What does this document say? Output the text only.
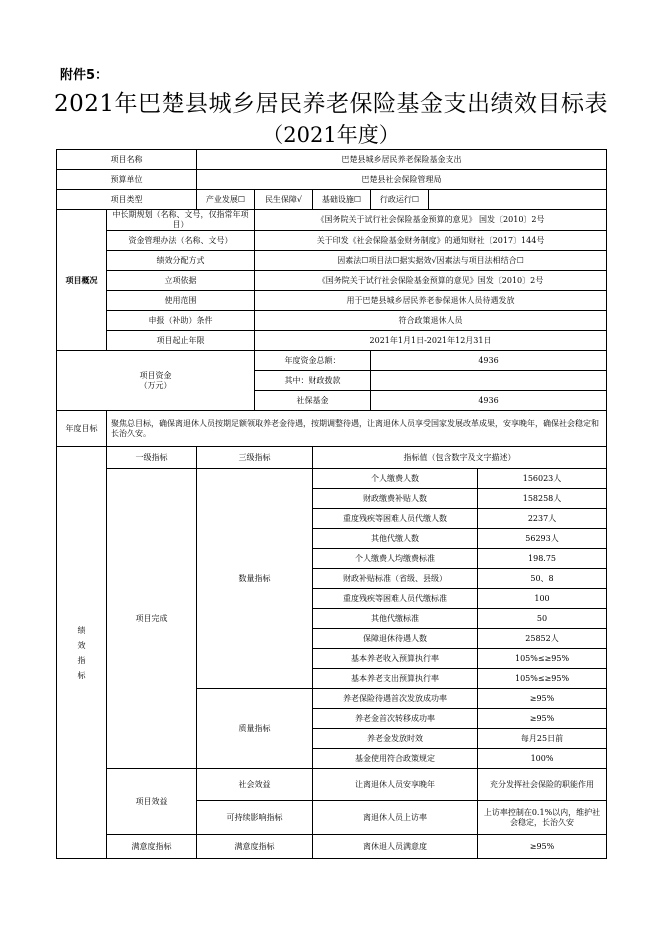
附件5：
2021年巴楚县城乡居民养老保险基金支出绩效目标表
（2021年度）
项目名称		巴楚县城乡居民养老保险基金支出					
预算单位		巴楚县社会保险管理局					
项目类型		产业发展☐	民生保障√	基础设施☐	行政运行☐		
项目概况	中长期规划（名称、文号，仅指常年项目）		《国务院关于试行社会保险基金预算的意见》 国发〔2010〕2号				
	资金管理办法（名称、文号）		关于印发《社会保险基金财务制度》的通知财社〔2017〕144号				
	绩效分配方式		因素法☐项目法☐据实据效√因素法与项目法相结合☐				
	立项依据		《国务院关于试行社会保险基金预算的意见》国发〔2010〕2号				
	使用范围		用于巴楚县城乡居民养老参保退休人员待遇发放				
	申报（补助）条件		符合政策退休人员				
	项目起止年限		2021年1月1日-2021年12月31日				
项目资金
（万元）			年度资金总额：		4936		
			其中：财政拨款				
			社保基金		4936		
年度目标	聚焦总目标，确保离退休人员按期足额领取养老金待遇，按期调整待遇，让离退休人员享受国家发展改革成果，安享晚年，确保社会稳定和长治久安。						
绩
效
指
标	一级指标	三级指标		指标值（包含数字及文字描述）			
	项目完成	数量指标		个人缴费人数			156023人
				财政缴费补贴人数			158258人
				重度残疾等困难人员代缴人数			2237人
				其他代缴人数			56293人
				个人缴费人均缴费标准			198.75
				财政补贴标准（省级、县级）			50、8
				重度残疾等困难人员代缴标准			100
				其他代缴标准			50
				保障退休待遇人数			25852人
				基本养老收入预算执行率			105%≤≥95%
				基本养老支出预算执行率			105%≤≥95%
		质量指标		养老保险待遇首次发放成功率			≥95%
				养老金首次转移成功率			≥95%
				养老金发放时效			每月25日前
				基金使用符合政策规定			100%
	项目效益	社会效益		让离退休人员安享晚年			充分发挥社会保险的职能作用
		可持续影响指标		离退休人员上访率			上访率控制在0.1%以内，维护社会稳定，长治久安
	满意度指标	满意度指标		离休退人员满意度			≥95%
